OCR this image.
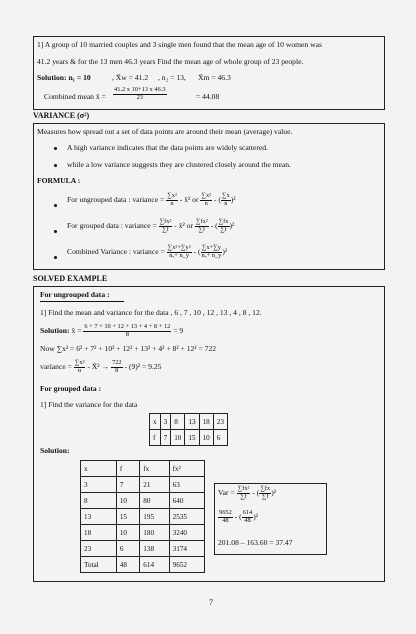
1] A group of 10 married couples and 3 single men found that the mean age of 10 women was
41.2 years & for the 13 men 46.3 years Find the mean age of whole group of 23 people.
Solution: n₁ = 10	, X̄w = 41.2 , n₂ = 13, X̄m = 46.3
Combined mean x̄ = $\frac{41.2 x 10+13 x 46.3}{23}$	= 44.08
VARIANCE (σ²)
Measures how spread out a set of data points are around their mean (average) value.
A high variance indicates that the data points are widely scattered.
while a low variance suggests they are clustered closely around the mean.
FORMULA :
For ungrouped data : variance = $\frac{\text{∑x²}}{n}$ - x̄² or $\frac{\text{∑x²}}{n}$ - ( $\frac{\sum x}{n} )^2$
For grouped data : variance = $\frac{\text{∑fx²}}{\sum f}$ - x̄² or $\frac{\text{∑fx²}}{\sum f}$ - ( $\frac{\sum fx}{\sum f} )^2$
Combined Variance : variance = $\frac{\text{∑x²+∑y²}}{\text{nₓ+ n\_y}}$ - ( $\frac{\sum x+\sum y}{\text{nₓ+ n\_y}} )^2$
SOLVED EXAMPLE
For ungrouped data :
1] Find the mean and variance for the data , 6 , 7 , 10 , 12 , 13 , 4 , 8 , 12.
Solution: x̄ = $\frac{6 + 7 + 10 + 12 + 13 + 4 + 8 + 12}{8} = 9$
Now ∑x² = 6² + 7² + 10² + 12² + 13² + 4² + 8² + 12² = 722
variance = $\frac{\text{∑x²}}{n}$ - X̄² → $\frac{722}{8} - (9)^2 = 9.25$
For grouped data :
1] Find the variance for the data
x	3	8	13	18	23
f	7	10	15	10	6
Solution:
x	f	fx	fx²
3	7	21	63
8	10	80	640
13	15	195	2535
18	10	180	3240
23	6	138	3174
Total	48	614	9652
Var = $\frac{\text{∑fx²}}{\sum f}$ - ( $\frac{\sum fx}{\sum f} )^2$
$\frac{9652}{48}$ - ( $\frac{614}{48} )^2$
201.08 – 163.60 = 37.47
7
